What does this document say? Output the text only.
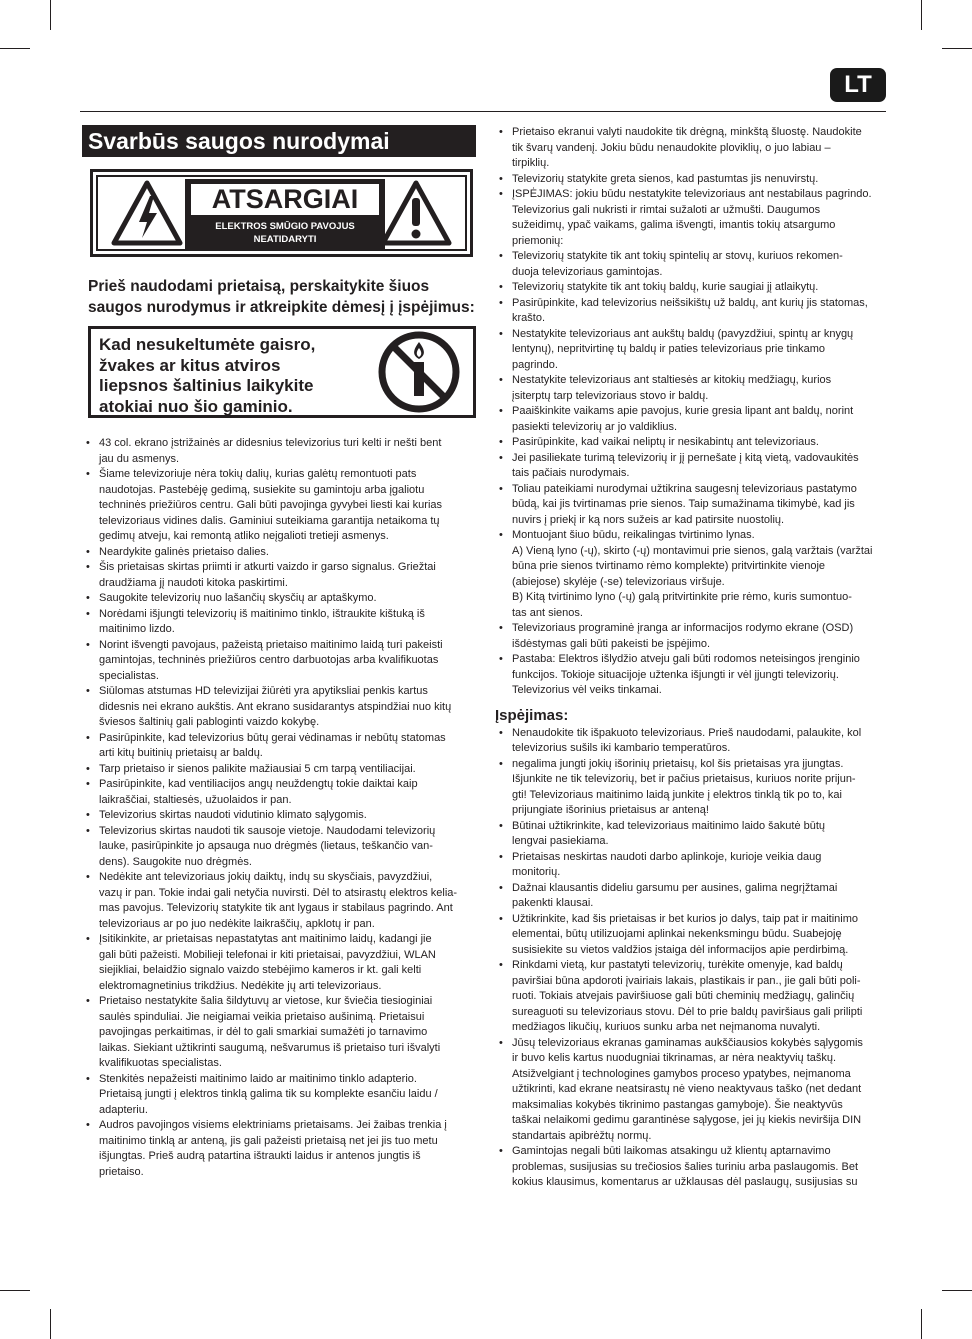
LT
Svarbūs saugos nurodymai
ATSARGIAI
ELEKTROS SMŪGIO PAVOJUS
NEATIDARYTI
Prieš naudodami prietaisą, perskaitykite šiuos saugos nurodymus ir atkreipkite dėmesį į įspėjimus:
Kad nesukeltumėte gaisro, žvakes ar kitus atviros liepsnos šaltinius laikykite atokiai nuo šio gaminio.
• 43 col. ekrano įstrižainės ar didesnius televizorius turi kelti ir nešti bent
jau du asmenys.
• Šiame televizoriuje nėra tokių dalių, kurias galėtų remontuoti pats
naudotojas. Pastebėję gedimą, susiekite su gamintoju arba įgaliotu
techninės priežiūros centru. Gali būti pavojinga gyvybei liesti kai kurias
televizoriaus vidines dalis. Gaminiui suteikiama garantija netaikoma tų
gedimų atveju, kai remontą atliko neįgalioti tretieji asmenys.
• Neardykite galinės prietaiso dalies.
• Šis prietaisas skirtas priimti ir atkurti vaizdo ir garso signalus. Griežtai
draudžiama jį naudoti kitoka paskirtimi.
• Saugokite televizorių nuo lašančių skysčių ar aptaškymo.
• Norėdami išjungti televizorių iš maitinimo tinklo, ištraukite kištuką iš
maitinimo lizdo.
• Norint išvengti pavojaus, pažeistą prietaiso maitinimo laidą turi pakeisti
gamintojas, techninės priežiūros centro darbuotojas arba kvalifikuotas
specialistas.
• Siūlomas atstumas HD televizijai žiūrėti yra apytiksliai penkis kartus
didesnis nei ekrano aukštis. Ant ekrano susidarantys atspindžiai nuo kitų
šviesos šaltinių gali pabloginti vaizdo kokybę.
• Pasirūpinkite, kad televizorius būtų gerai vėdinamas ir nebūtų statomas
arti kitų buitinių prietaisų ar baldų.
• Tarp prietaiso ir sienos palikite mažiausiai 5 cm tarpą ventiliacijai.
• Pasirūpinkite, kad ventiliacijos angų neuždengtų tokie daiktai kaip
laikraščiai, staltiesės, užuolaidos ir pan.
• Televizorius skirtas naudoti vidutinio klimato sąlygomis.
• Televizorius skirtas naudoti tik sausoje vietoje. Naudodami televizorių
lauke, pasirūpinkite jo apsauga nuo drėgmės (lietaus, teškančio van-
dens). Saugokite nuo drėgmės.
• Nedėkite ant televizoriaus jokių daiktų, indų su skysčiais, pavyzdžiui,
vazų ir pan. Tokie indai gali netyčia nuvirsti. Dėl to atsirastų elektros kelia-
mas pavojus. Televizorių statykite tik ant lygaus ir stabilaus pagrindo. Ant
televizoriaus ar po juo nedėkite laikraščių, apklotų ir pan.
• Įsitikinkite, ar prietaisas nepastatytas ant maitinimo laidų, kadangi jie
gali būti pažeisti. Mobilieji telefonai ir kiti prietaisai, pavyzdžiui, WLAN
siejikliai, belaidžio signalo vaizdo stebėjimo kameros ir kt. gali kelti
elektromagnetinius trikdžius. Nedėkite jų arti televizoriaus.
• Prietaiso nestatykite šalia šildytuvų ar vietose, kur šviečia tiesioginiai
saulės spinduliai. Jie neigiamai veikia prietaiso aušinimą. Prietaisui
pavojingas perkaitimas, ir dėl to gali smarkiai sumažėti jo tarnavimo
laikas. Siekiant užtikrinti saugumą, nešvarumus iš prietaiso turi išvalyti
kvalifikuotas specialistas.
• Stenkitės nepažeisti maitinimo laido ar maitinimo tinklo adapterio.
Prietaisą jungti į elektros tinklą galima tik su komplekte esančiu laidu /
adapteriu.
• Audros pavojingos visiems elektriniams prietaisams. Jei žaibas trenkia į
maitinimo tinklą ar anteną, jis gali pažeisti prietaisą net jei jis tuo metu
išjungtas. Prieš audrą patartina ištraukti laidus ir antenos jungtis iš
prietaiso.
• Prietaiso ekranui valyti naudokite tik drėgną, minkštą šluostę. Naudokite
tik švarų vandenį. Jokiu būdu nenaudokite ploviklių, o juo labiau –
tirpiklių.
• Televizorių statykite greta sienos, kad pastumtas jis nenuvirstų.
• ĮSPĖJIMAS: jokiu būdu nestatykite televizoriaus ant nestabilaus pagrindo.
Televizorius gali nukristi ir rimtai sužaloti ar užmušti. Daugumos
sužeidimų, ypač vaikams, galima išvengti, imantis tokių atsargumo
priemonių:
• Televizorių statykite tik ant tokių spintelių ar stovų, kuriuos rekomen-
duoja televizoriaus gamintojas.
• Televizorių statykite tik ant tokių baldų, kurie saugiai jį atlaikytų.
• Pasirūpinkite, kad televizorius neišsikištų už baldų, ant kurių jis statomas,
krašto.
• Nestatykite televizoriaus ant aukštų baldų (pavyzdžiui, spintų ar knygų
lentynų), nepritvirtinę tų baldų ir paties televizoriaus prie tinkamo
pagrindo.
• Nestatykite televizoriaus ant staltiesės ar kitokių medžiagų, kurios
įsiterptų tarp televizoriaus stovo ir baldų.
• Paaiškinkite vaikams apie pavojus, kurie gresia lipant ant baldų, norint
pasiekti televizorių ar jo valdiklius.
• Pasirūpinkite, kad vaikai neliptų ir nesikabintų ant televizoriaus.
• Jei pasiliekate turimą televizorių ir jį pernešate į kitą vietą, vadovaukitės
tais pačiais nurodymais.
• Toliau pateikiami nurodymai užtikrina saugesnį televizoriaus pastatymo
būdą, kai jis tvirtinamas prie sienos. Taip sumažinama tikimybė, kad jis
nuvirs į priekį ir ką nors sužeis ar kad patirsite nuostolių.
• Montuojant šiuo būdu, reikalingas tvirtinimo lynas.
A) Vieną lyno (-ų), skirto (-ų) montavimui prie sienos, galą varžtais (varžtai
būna prie sienos tvirtinamo rėmo komplekte) pritvirtinkite vienoje
(abiejose) skylėje (-se) televizoriaus viršuje.
B) Kitą tvirtinimo lyno (-ų) galą pritvirtinkite prie rėmo, kuris sumontuo-
tas ant sienos.
• Televizoriaus programinė įranga ar informacijos rodymo ekrane (OSD)
išdėstymas gali būti pakeisti be įspėjimo.
• Pastaba: Elektros išlydžio atveju gali būti rodomos neteisingos įrenginio
funkcijos. Tokioje situacijoje užtenka išjungti ir vėl įjungti televizorių.
Televizorius vėl veiks tinkamai.
Įspėjimas:
• Nenaudokite tik išpakuoto televizoriaus. Prieš naudodami, palaukite, kol
televizorius sušils iki kambario temperatūros.
• negalima jungti jokių išorinių prietaisų, kol šis prietaisas yra įjungtas.
Išjunkite ne tik televizorių, bet ir pačius prietaisus, kuriuos norite prijun-
gti! Televizoriaus maitinimo laidą junkite į elektros tinklą tik po to, kai
prijungiate išorinius prietaisus ar anteną!
• Būtinai užtikrinkite, kad televizoriaus maitinimo laido šakutė būtų
lengvai pasiekiama.
• Prietaisas neskirtas naudoti darbo aplinkoje, kurioje veikia daug
monitorių.
• Dažnai klausantis dideliu garsumu per ausines, galima negrįžtamai
pakenkti klausai.
• Užtikrinkite, kad šis prietaisas ir bet kurios jo dalys, taip pat ir maitinimo
elementai, būtų utilizuojami aplinkai nekenksmingu būdu. Suabejoję
susisiekite su vietos valdžios įstaiga dėl informacijos apie perdirbimą.
• Rinkdami vietą, kur pastatyti televizorių, turėkite omenyje, kad baldų
paviršiai būna apdoroti įvairiais lakais, plastikais ir pan., jie gali būti poli-
ruoti. Tokiais atvejais paviršiuose gali būti cheminių medžiagų, galinčių
sureaguoti su televizoriaus stovu. Dėl to prie baldų paviršiaus gali prilipti
medžiagos likučių, kuriuos sunku arba net neįmanoma nuvalyti.
• Jūsų televizoriaus ekranas gaminamas aukščiausios kokybės sąlygomis
ir buvo kelis kartus nuodugniai tikrinamas, ar nėra neaktyvių taškų.
Atsižvelgiant į technologines gamybos proceso ypatybes, neįmanoma
užtikrinti, kad ekrane neatsirastų nė vieno neaktyvaus taško (net dedant
maksimalias kokybės tikrinimo pastangas gamyboje). Šie neaktyvūs
taškai nelaikomi gedimu garantinėse sąlygose, jei jų kiekis neviršija DIN
standartais apibrėžtų normų.
• Gamintojas negali būti laikomas atsakingu už klientų aptarnavimo
problemas, susijusias su trečiosios šalies turiniu arba paslaugomis. Bet
kokius klausimus, komentarus ar užklausas dėl paslaugų, susijusias su
